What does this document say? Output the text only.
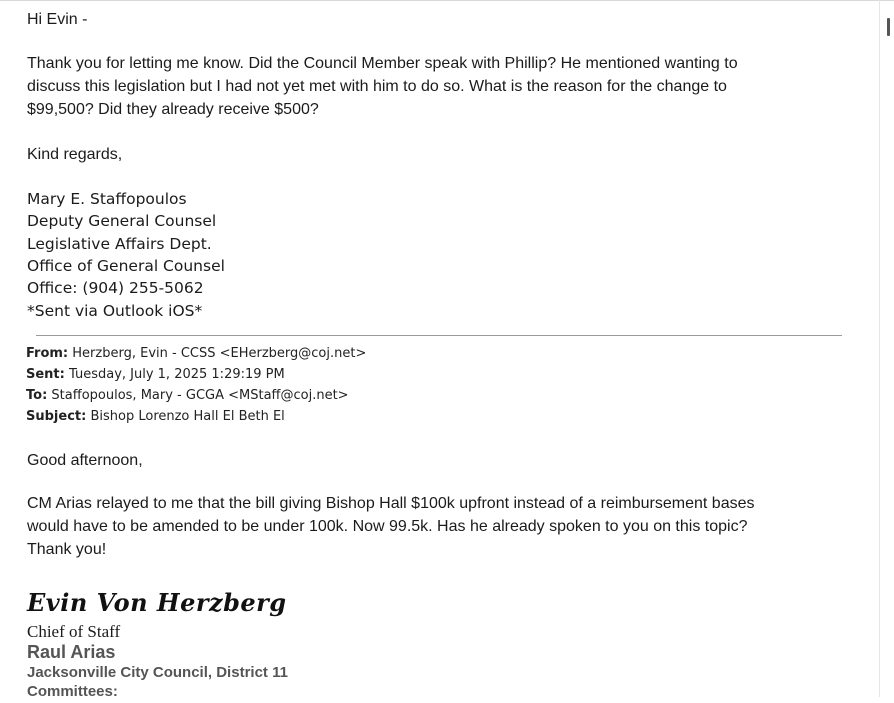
Hi Evin -
Thank you for letting me know. Did the Council Member speak with Phillip? He mentioned wanting to
discuss this legislation but I had not yet met with him to do so. What is the reason for the change to
$99,500? Did they already receive $500?
Kind regards,
Mary E. Staffopoulos
Deputy General Counsel
Legislative Affairs Dept.
Office of General Counsel
Office: (904) 255-5062
*Sent via Outlook iOS*
From: Herzberg, Evin - CCSS <EHerzberg@coj.net>
Sent: Tuesday, July 1, 2025 1:29:19 PM
To: Staffopoulos, Mary - GCGA <MStaff@coj.net>
Subject: Bishop Lorenzo Hall El Beth El
Good afternoon,
CM Arias relayed to me that the bill giving Bishop Hall $100k upfront instead of a reimbursement bases
would have to be amended to be under 100k. Now 99.5k. Has he already spoken to you on this topic?
Thank you!
Evin Von Herzberg
Chief of Staff
Raul Arias
Jacksonville City Council, District 11
Committees:
